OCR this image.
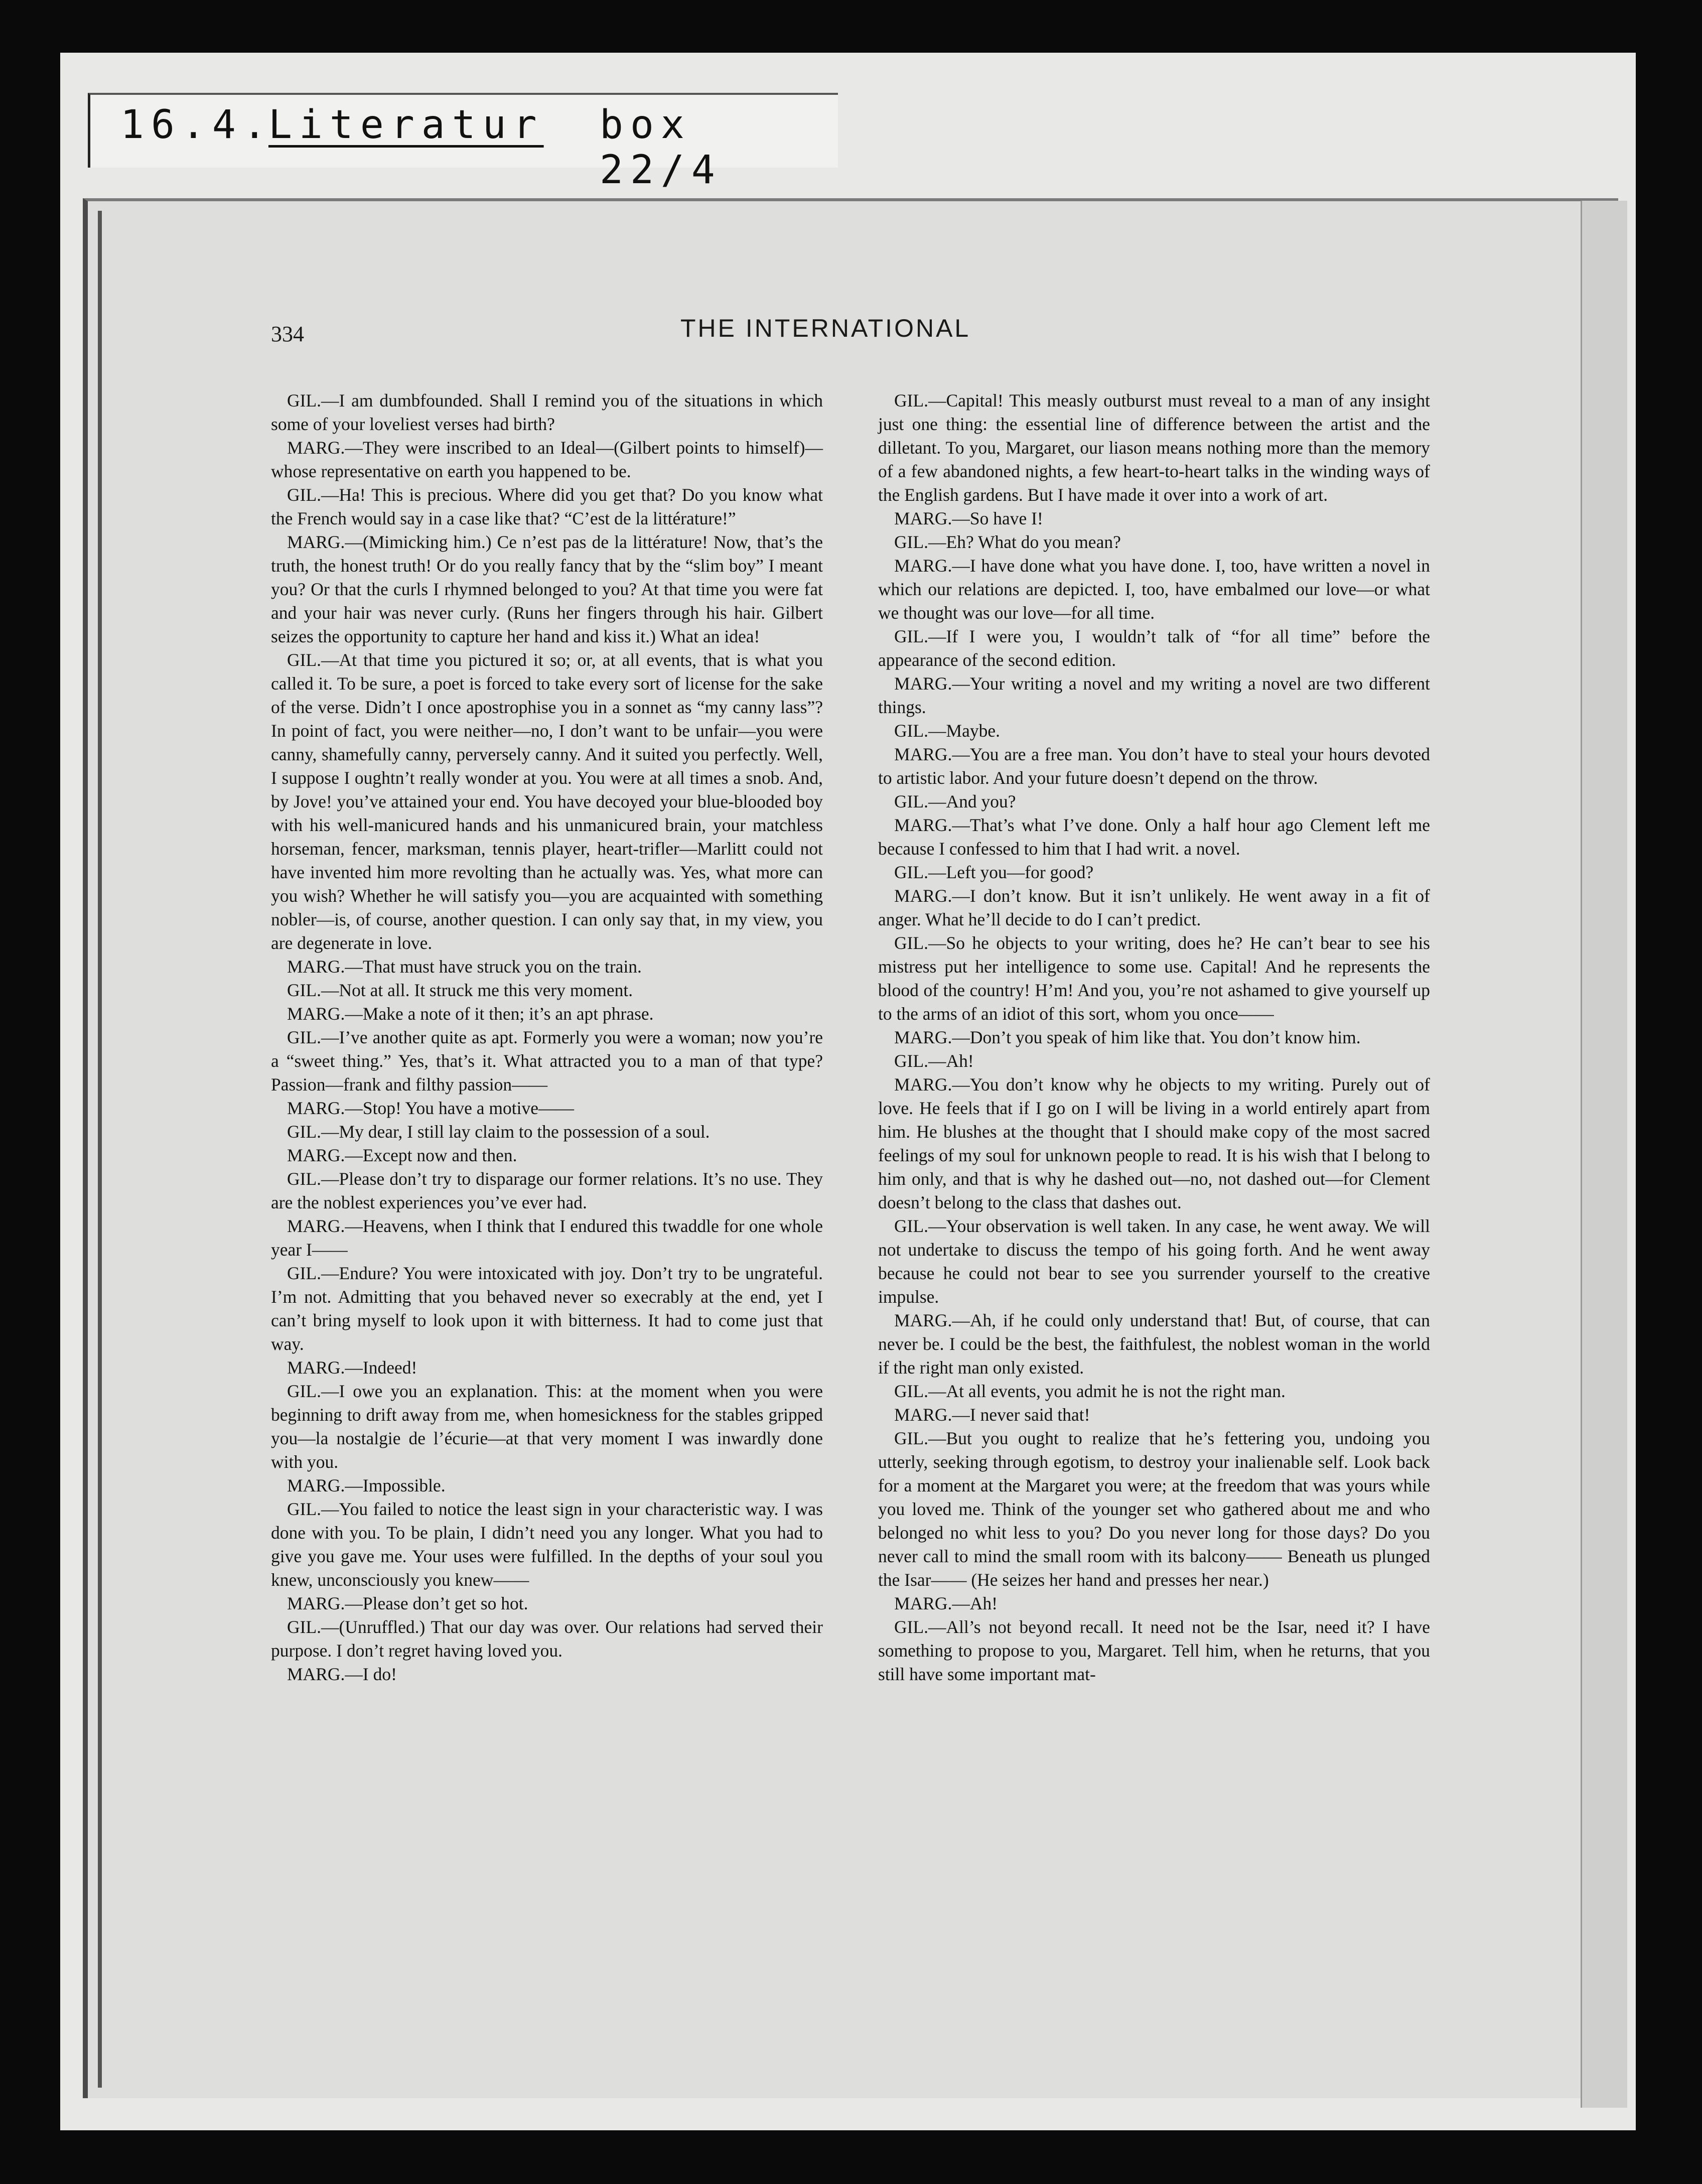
16.4.
Literatur box 22/4
334	THE INTERNATIONAL

GIL.—I am dumbfounded. Shall I remind you of the situations in which some of your loveliest verses had birth?

MARG.—They were inscribed to an Ideal—(Gilbert points to himself)—whose representative on earth you happened to be.

GIL.—Ha! This is precious. Where did you get that? Do you know what the French would say in a case like that? “C’est de la littérature!”

MARG.—(Mimicking him.) Ce n’est pas de la littérature! Now, that’s the truth, the honest truth! Or do you really fancy that by the “slim boy” I meant you? Or that the curls I rhymned belonged to you? At that time you were fat and your hair was never curly. (Runs her fingers through his hair. Gilbert seizes the opportunity to capture her hand and kiss it.) What an idea!

GIL.—At that time you pictured it so; or, at all events, that is what you called it. To be sure, a poet is forced to take every sort of license for the sake of the verse. Didn’t I once apostrophise you in a sonnet as “my canny lass”? In point of fact, you were neither—no, I don’t want to be unfair—you were canny, shamefully canny, perversely canny. And it suited you perfectly. Well, I suppose I oughtn’t really wonder at you. You were at all times a snob. And, by Jove! you’ve attained your end. You have decoyed your blue-blooded boy with his well-manicured hands and his unmanicured brain, your matchless horseman, fencer, marksman, tennis player, heart-trifler—Marlitt could not have invented him more revolting than he actually was. Yes, what more can you wish? Whether he will satisfy you—you are acquainted with something nobler—is, of course, another question. I can only say that, in my view, you are degenerate in love.

MARG.—That must have struck you on the train.

GIL.—Not at all. It struck me this very moment.

MARG.—Make a note of it then; it’s an apt phrase.

GIL.—I’ve another quite as apt. Formerly you were a woman; now you’re a “sweet thing.” Yes, that’s it. What attracted you to a man of that type? Passion—frank and filthy passion——

MARG.—Stop! You have a motive——

GIL.—My dear, I still lay claim to the possession of a soul.

MARG.—Except now and then.

GIL.—Please don’t try to disparage our former relations. It’s no use. They are the noblest experiences you’ve ever had.

MARG.—Heavens, when I think that I endured this twaddle for one whole year I——

GIL.—Endure? You were intoxicated with joy. Don’t try to be ungrateful. I’m not. Admitting that you behaved never so execrably at the end, yet I can’t bring myself to look upon it with bitterness. It had to come just that way.

MARG.—Indeed!

GIL.—I owe you an explanation. This: at the moment when you were beginning to drift away from me, when homesickness for the stables gripped you—la nostalgie de l’écurie—at that very moment I was inwardly done with you.

MARG.—Impossible.

GIL.—You failed to notice the least sign in your characteristic way. I was done with you. To be plain, I didn’t need you any longer. What you had to give you gave me. Your uses were fulfilled. In the depths of your soul you knew, unconsciously you knew——

MARG.—Please don’t get so hot.

GIL.—(Unruffled.) That our day was over. Our relations had served their purpose. I don’t regret having loved you.

MARG.—I do!

GIL.—Capital! This measly outburst must reveal to a man of any insight just one thing: the essential line of difference between the artist and the dilletant. To you, Margaret, our liason means nothing more than the memory of a few abandoned nights, a few heart-to-heart talks in the winding ways of the English gardens. But I have made it over into a work of art.

MARG.—So have I!

GIL.—Eh? What do you mean?

MARG.—I have done what you have done. I, too, have written a novel in which our relations are depicted. I, too, have embalmed our love—or what we thought was our love—for all time.

GIL.—If I were you, I wouldn’t talk of “for all time” before the appearance of the second edition.

MARG.—Your writing a novel and my writing a novel are two different things.

GIL.—Maybe.

MARG.—You are a free man. You don’t have to steal your hours devoted to artistic labor. And your future doesn’t depend on the throw.

GIL.—And you?

MARG.—That’s what I’ve done. Only a half hour ago Clement left me because I confessed to him that I had writ. a novel.

GIL.—Left you—for good?

MARG.—I don’t know. But it isn’t unlikely. He went away in a fit of anger. What he’ll decide to do I can’t predict.

GIL.—So he objects to your writing, does he? He can’t bear to see his mistress put her intelligence to some use. Capital! And he represents the blood of the country! H’m! And you, you’re not ashamed to give yourself up to the arms of an idiot of this sort, whom you once——

MARG.—Don’t you speak of him like that. You don’t know him.

GIL.—Ah!

MARG.—You don’t know why he objects to my writing. Purely out of love. He feels that if I go on I will be living in a world entirely apart from him. He blushes at the thought that I should make copy of the most sacred feelings of my soul for unknown people to read. It is his wish that I belong to him only, and that is why he dashed out—no, not dashed out—for Clement doesn’t belong to the class that dashes out.

GIL.—Your observation is well taken. In any case, he went away. We will not undertake to discuss the tempo of his going forth. And he went away because he could not bear to see you surrender yourself to the creative impulse.

MARG.—Ah, if he could only understand that! But, of course, that can never be. I could be the best, the faithfulest, the noblest woman in the world if the right man only existed.

GIL.—At all events, you admit he is not the right man.

MARG.—I never said that!

GIL.—But you ought to realize that he’s fettering you, undoing you utterly, seeking through egotism, to destroy your inalienable self. Look back for a moment at the Margaret you were; at the freedom that was yours while you loved me. Think of the younger set who gathered about me and who belonged no whit less to you? Do you never long for those days? Do you never call to mind the small room with its balcony—— Beneath us plunged the Isar—— (He seizes her hand and presses her near.)

MARG.—Ah!

GIL.—All’s not beyond recall. It need not be the Isar, need it? I have something to propose to you, Margaret. Tell him, when he returns, that you still have some important mat-
